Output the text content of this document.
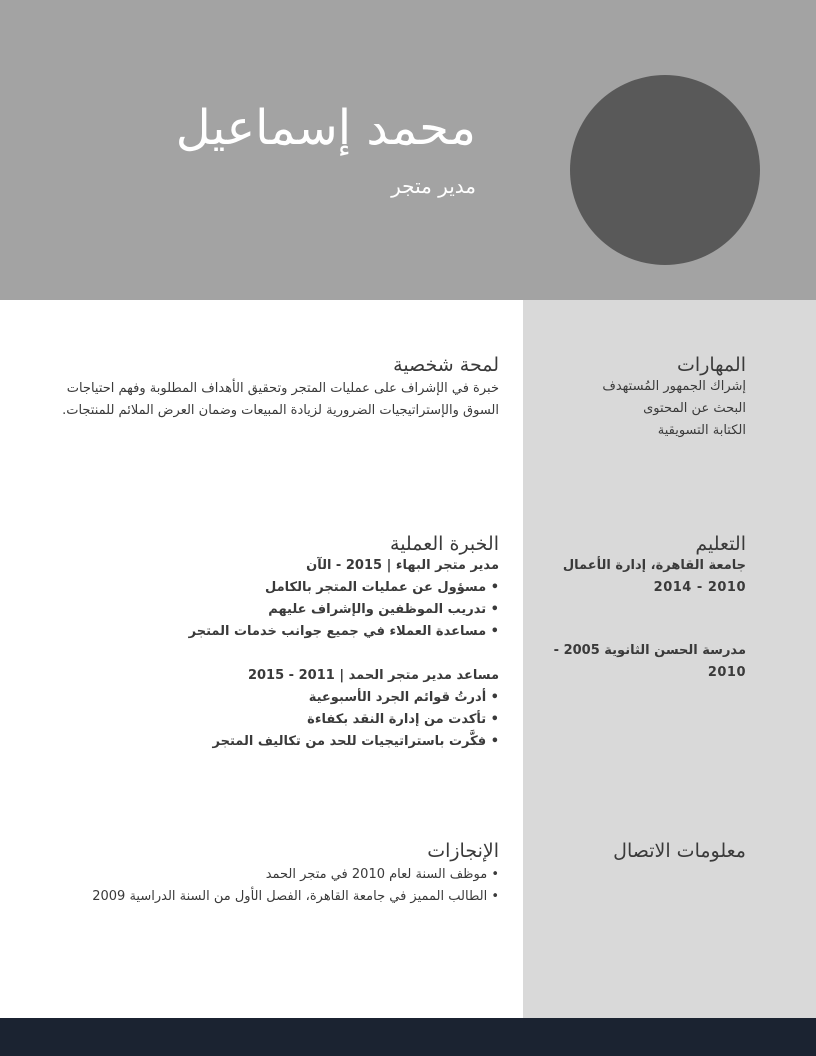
محمد إسماعيل
مدير متجر
لمحة شخصية

خبرة في الإشراف على عمليات المتجر وتحقيق الأهداف المطلوبة وفهم احتياجات السوق والإستراتيجيات الضرورية لزيادة المبيعات وضمان العرض الملائم للمنتجات.

الخبرة العملية

مدير متجر البهاء | 2015 - الآن

• مسؤول عن عمليات المتجر بالكامل

• تدريب الموظفين والإشراف عليهم

• مساعدة العملاء في جميع جوانب خدمات المتجر

مساعد مدير متجر الحمد | 2011 - 2015

• أدرتُ قوائم الجرد الأسبوعية

• تأكدت من إدارة النقد بكفاءة

• فكَّرت باستراتيجيات للحد من تكاليف المتجر

الإنجازات

• موظف السنة لعام 2010 في متجر الحمد

• الطالب المميز في جامعة القاهرة، الفصل الأول من السنة الدراسية 2009

المهارات

إشراك الجمهور المُستهدف

البحث عن المحتوى

الكتابة التسويقية

التعليم

جامعة القاهرة، إدارة الأعمال

2010 - 2014

مدرسة الحسن الثانوية 2005 -

2010

معلومات الاتصال
